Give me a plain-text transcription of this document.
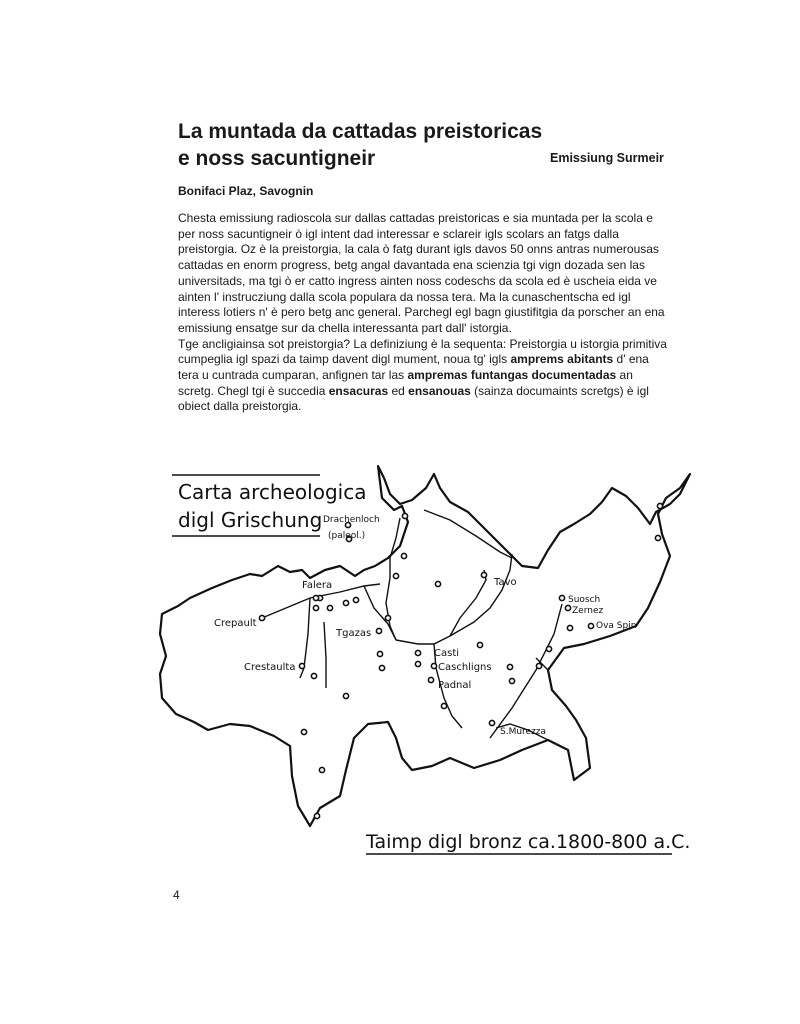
La muntada da cattadas preistoricas
e noss sacuntigneir	Emissiung Surmeir
Bonifaci Plaz, Savognin
Chesta emissiung radioscola sur dallas cattadas preistoricas e sia muntada per la scola e per noss sacuntigneir ò igl intent dad interessar e sclareir igls scolars an fatgs dalla preistorgia. Oz è la preistorgia, la cala ò fatg durant igls davos 50 onns antras numerousas cattadas en enorm progress, betg angal davantada ena scienzia tgi vign dozada sen las universitads, ma tgi ò er catto ingress ainten noss codeschs da scola ed è uscheia eida ve ainten l' instrucziung dalla scola populara da nossa tera. Ma la cunaschentscha ed igl interess lotiers n' è pero betg anc general. Parchegl egl bagn giustifitgia da porscher an ena emissiung ensatge sur da chella interessanta part dall' istorgia.
Tge ancligiainsa sot preistorgia? La definiziung è la sequenta: Preistorgia u istorgia primitiva cumpeglia igl spazi da taimp davent digl mument, noua tg' igls amprems abitants d' ena tera u cuntrada cumparan, anfignen tar las ampremas funtangas documentadas an scretg. Chegl tgi è succedia ensacuras ed ensanouas (sainza documaints scretgs) è igl obiect dalla preistorgia.
Carta archeologica
digl Grischung Drachenloch
(paleol.)
Falera
Crepault
Crestaulta
Tgazas
Tavo
Casti
Caschligns
Padnal
Suosch
Zernez
Ova Spin
S.Murezza
Taimp digl bronz ca.1800-800 a.C.
4
